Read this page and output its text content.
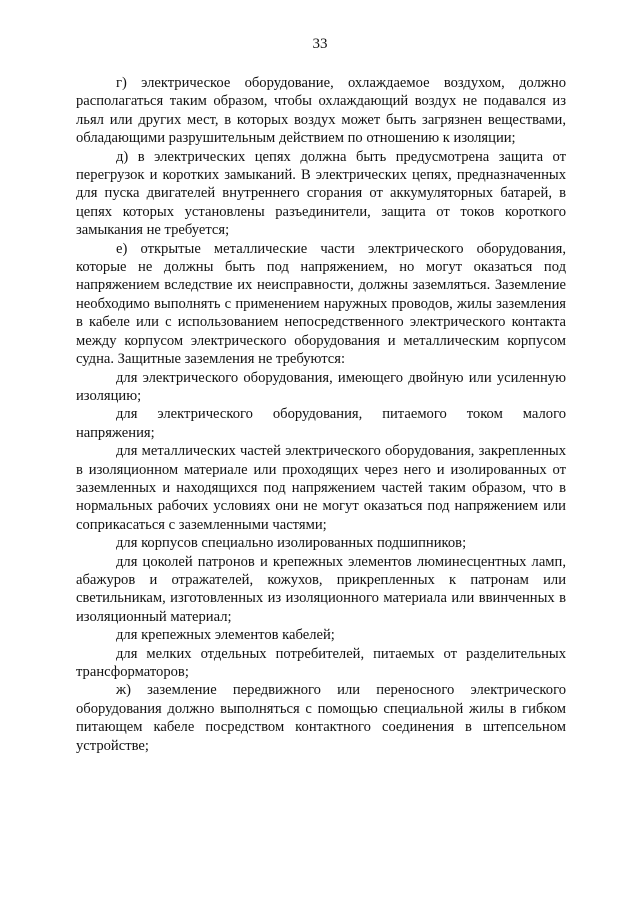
33

г) электрическое оборудование, охлаждаемое воздухом, должно располагаться таким образом, чтобы охлаждающий воздух не подавался из льял или других мест, в которых воздух может быть загрязнен веществами, обладающими разрушительным действием по отношению к изоляции;

д) в электрических цепях должна быть предусмотрена защита от перегрузок и коротких замыканий. В электрических цепях, предназначенных для пуска двигателей внутреннего сгорания от аккумуляторных батарей, в цепях которых установлены разъединители, защита от токов короткого замыкания не требуется;

е) открытые металлические части электрического оборудования, которые не должны быть под напряжением, но могут оказаться под напряжением вследствие их неисправности, должны заземляться. Заземление необходимо выполнять с применением наружных проводов, жилы заземления в кабеле или с использованием непосредственного электрического контакта между корпусом электрического оборудования и металлическим корпусом судна. Защитные заземления не требуются:

для электрического оборудования, имеющего двойную или усиленную изоляцию;

для электрического оборудования, питаемого током малого напряжения;

для металлических частей электрического оборудования, закрепленных в изоляционном материале или проходящих через него и изолированных от заземленных и находящихся под напряжением частей таким образом, что в нормальных рабочих условиях они не могут оказаться под напряжением или соприкасаться с заземленными частями;

для корпусов специально изолированных подшипников;

для цоколей патронов и крепежных элементов люминесцентных ламп, абажуров и отражателей, кожухов, прикрепленных к патронам или светильникам, изготовленных из изоляционного материала или ввинченных в изоляционный материал;

для крепежных элементов кабелей;

для мелких отдельных потребителей, питаемых от разделительных трансформаторов;

ж) заземление передвижного или переносного электрического оборудования должно выполняться с помощью специальной жилы в гибком питающем кабеле посредством контактного соединения в штепсельном устройстве;
